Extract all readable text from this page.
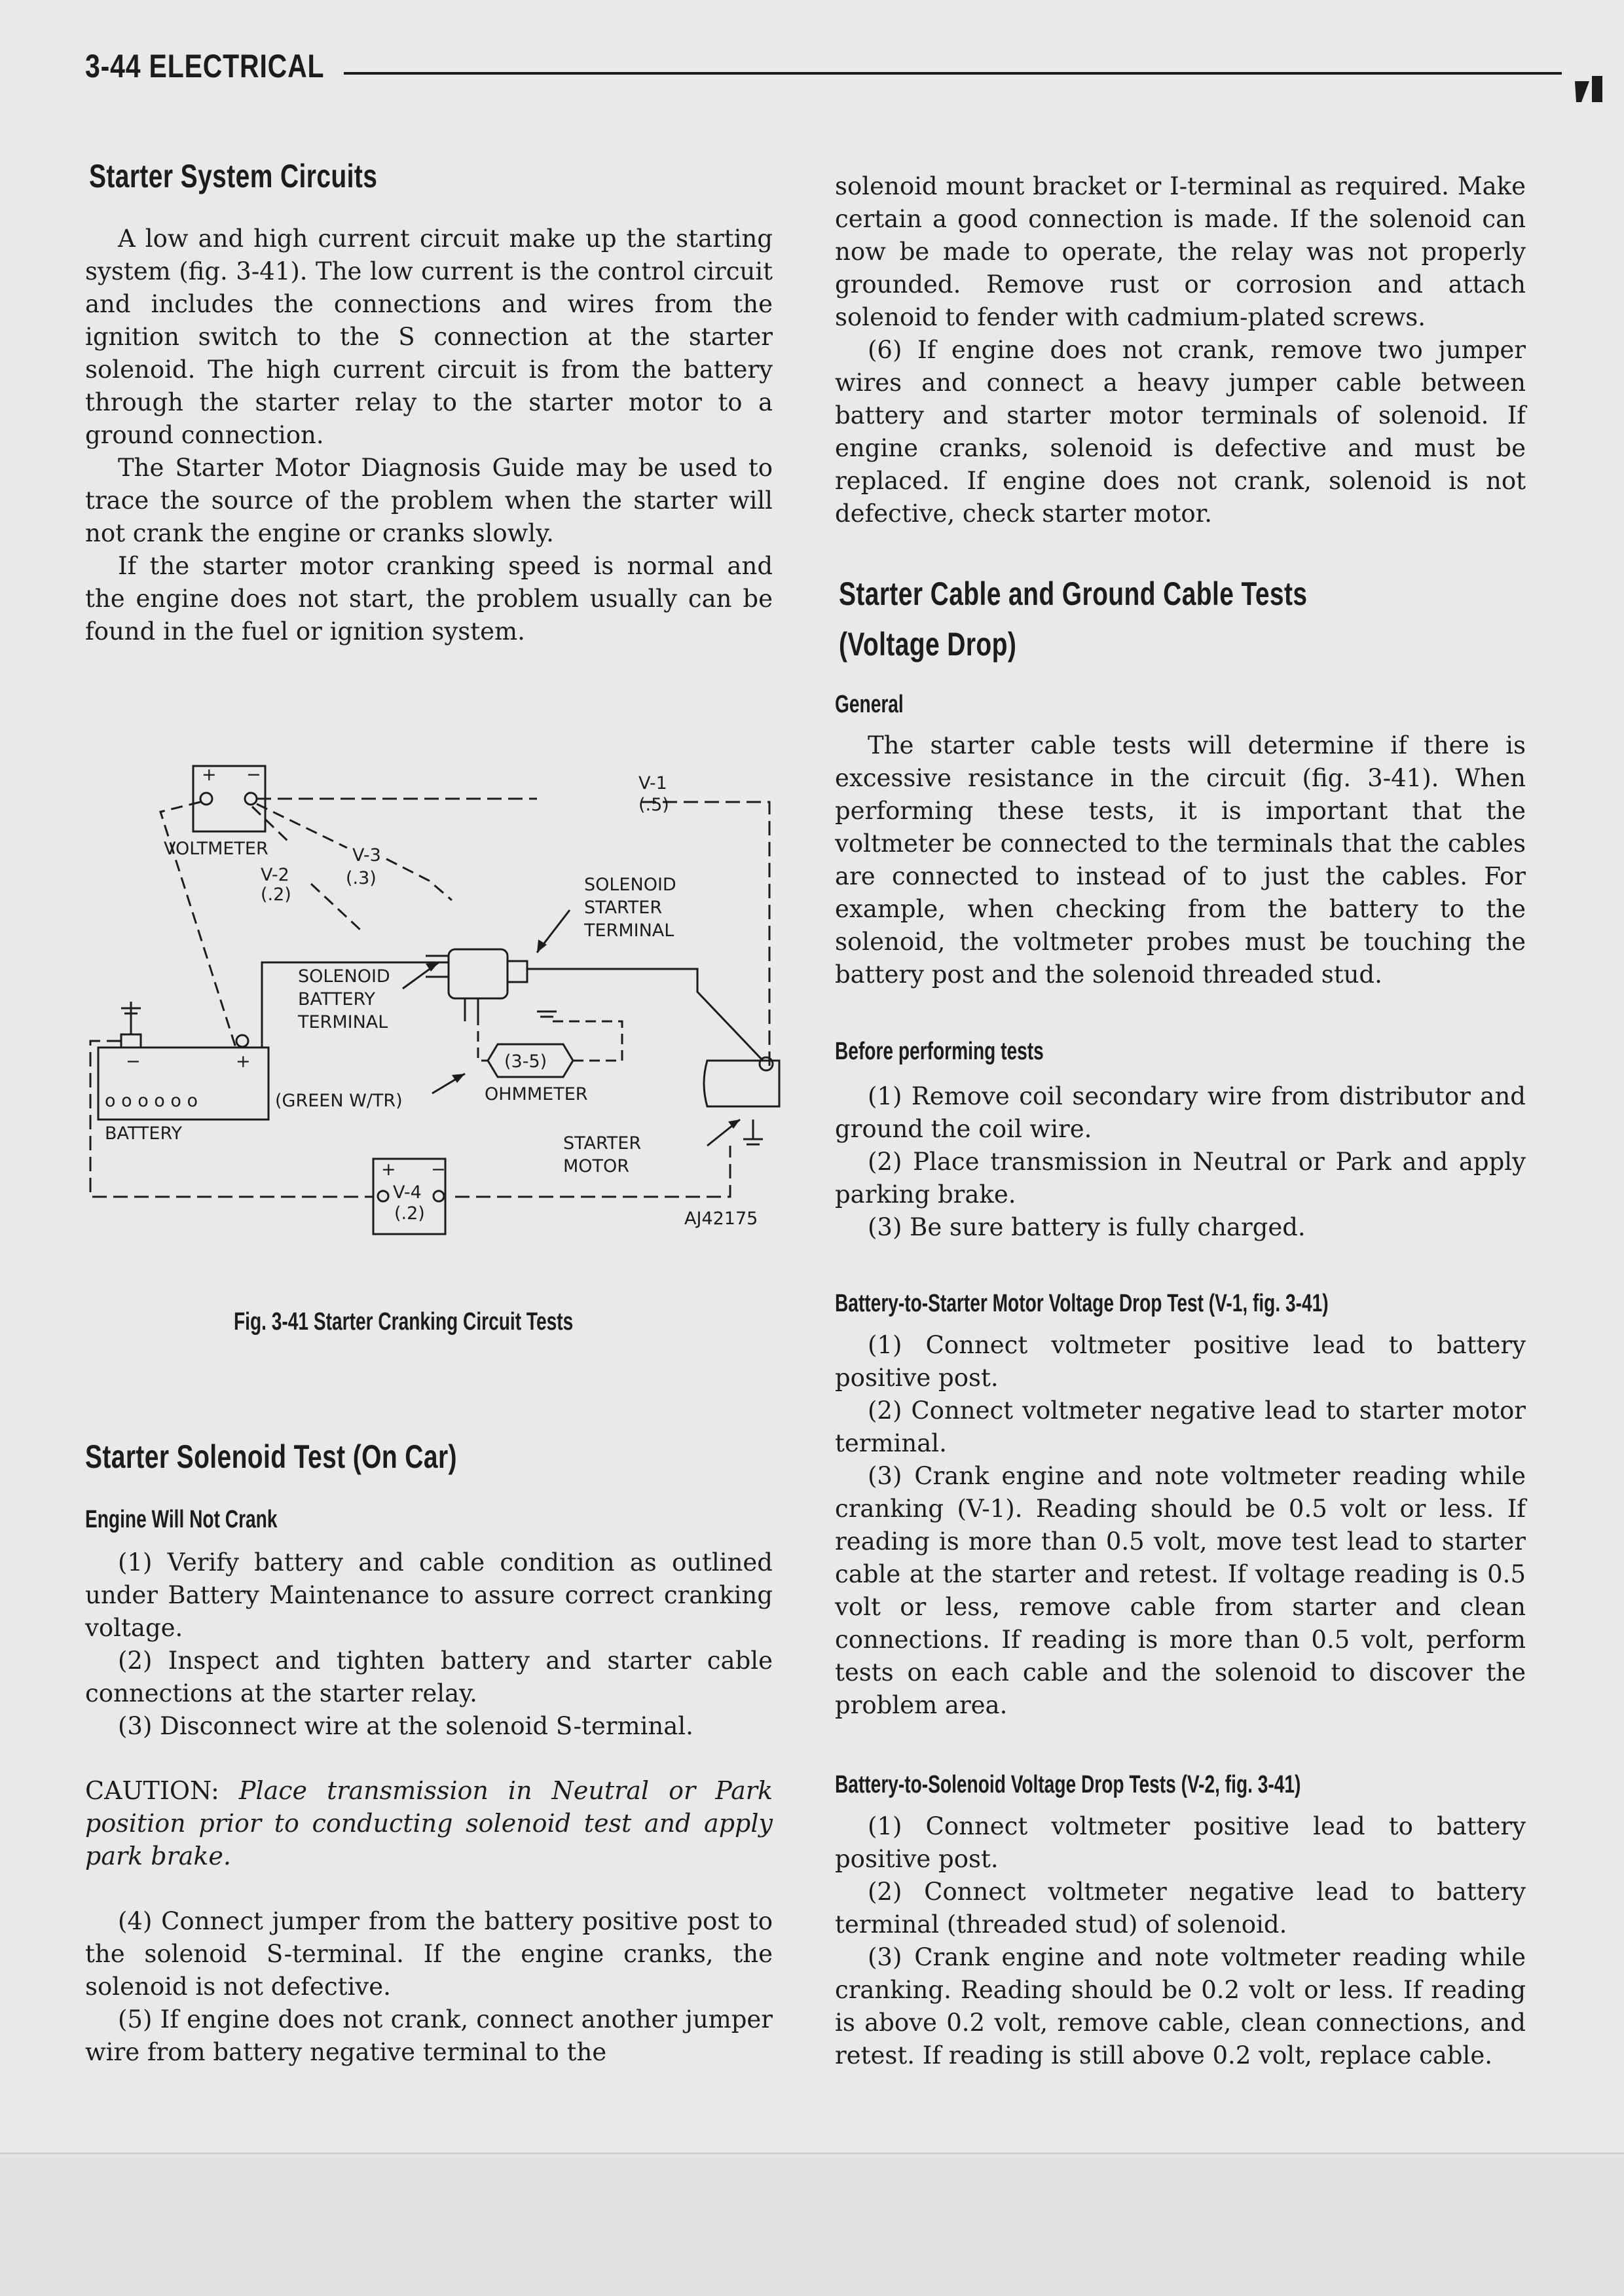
3-44 ELECTRICAL
Starter System Circuits

A low and high current circuit make up the starting system (fig. 3-41). The low current is the control circuit and includes the connections and wires from the ignition switch to the S connection at the starter solenoid. The high current circuit is from the battery through the starter relay to the starter motor to a ground connection.

The Starter Motor Diagnosis Guide may be used to trace the source of the problem when the starter will not crank the engine or cranks slowly.

If the starter motor cranking speed is normal and the engine does not start, the problem usually can be found in the fuel or ignition system.

+ −
VOLTMETER
V-1
(.5)
V-2
(.2)
V-3
(.3)	SOLENOID
STARTER
TERMINAL
SOLENOID
BATTERY
TERMINAL
(3-5)
OHMMETER
(GREEN W/TR)
−	+
o o o o o o
BATTERY	STARTER
MOTOR
+ −
V-4
(.2)	AJ42175
Fig. 3-41 Starter Cranking Circuit Tests
Starter Solenoid Test (On Car)
Engine Will Not Crank

(1) Verify battery and cable condition as outlined under Battery Maintenance to assure correct cranking voltage.

(2) Inspect and tighten battery and starter cable connections at the starter relay.

(3) Disconnect wire at the solenoid S-terminal.

CAUTION: Place transmission in Neutral or Park position prior to conducting solenoid test and apply park brake.

(4) Connect jumper from the battery positive post to the solenoid S-terminal. If the engine cranks, the solenoid is not defective.

(5) If engine does not crank, connect another jumper wire from battery negative terminal to the

solenoid mount bracket or I-terminal as required. Make certain a good connection is made. If the solenoid can now be made to operate, the relay was not properly grounded. Remove rust or corrosion and attach solenoid to fender with cadmium-plated screws.

(6) If engine does not crank, remove two jumper wires and connect a heavy jumper cable between battery and starter motor terminals of solenoid. If engine cranks, solenoid is defective and must be replaced. If engine does not crank, solenoid is not defective, check starter motor.

Starter Cable and Ground Cable Tests
(Voltage Drop)
General

The starter cable tests will determine if there is excessive resistance in the circuit (fig. 3-41). When performing these tests, it is important that the voltmeter be connected to the terminals that the cables are connected to instead of to just the cables. For example, when checking from the battery to the solenoid, the voltmeter probes must be touching the battery post and the solenoid threaded stud.

Before performing tests

(1) Remove coil secondary wire from distributor and ground the coil wire.

(2) Place transmission in Neutral or Park and apply parking brake.

(3) Be sure battery is fully charged.

Battery-to-Starter Motor Voltage Drop Test (V-1, fig. 3-41)

(1) Connect voltmeter positive lead to battery positive post.

(2) Connect voltmeter negative lead to starter motor terminal.

(3) Crank engine and note voltmeter reading while cranking (V-1). Reading should be 0.5 volt or less. If reading is more than 0.5 volt, move test lead to starter cable at the starter and retest. If voltage reading is 0.5 volt or less, remove cable from starter and clean connections. If reading is more than 0.5 volt, perform tests on each cable and the solenoid to discover the problem area.

Battery-to-Solenoid Voltage Drop Tests (V-2, fig. 3-41)

(1) Connect voltmeter positive lead to battery positive post.

(2) Connect voltmeter negative lead to battery terminal (threaded stud) of solenoid.

(3) Crank engine and note voltmeter reading while cranking. Reading should be 0.2 volt or less. If reading is above 0.2 volt, remove cable, clean connections, and retest. If reading is still above 0.2 volt, replace cable.
